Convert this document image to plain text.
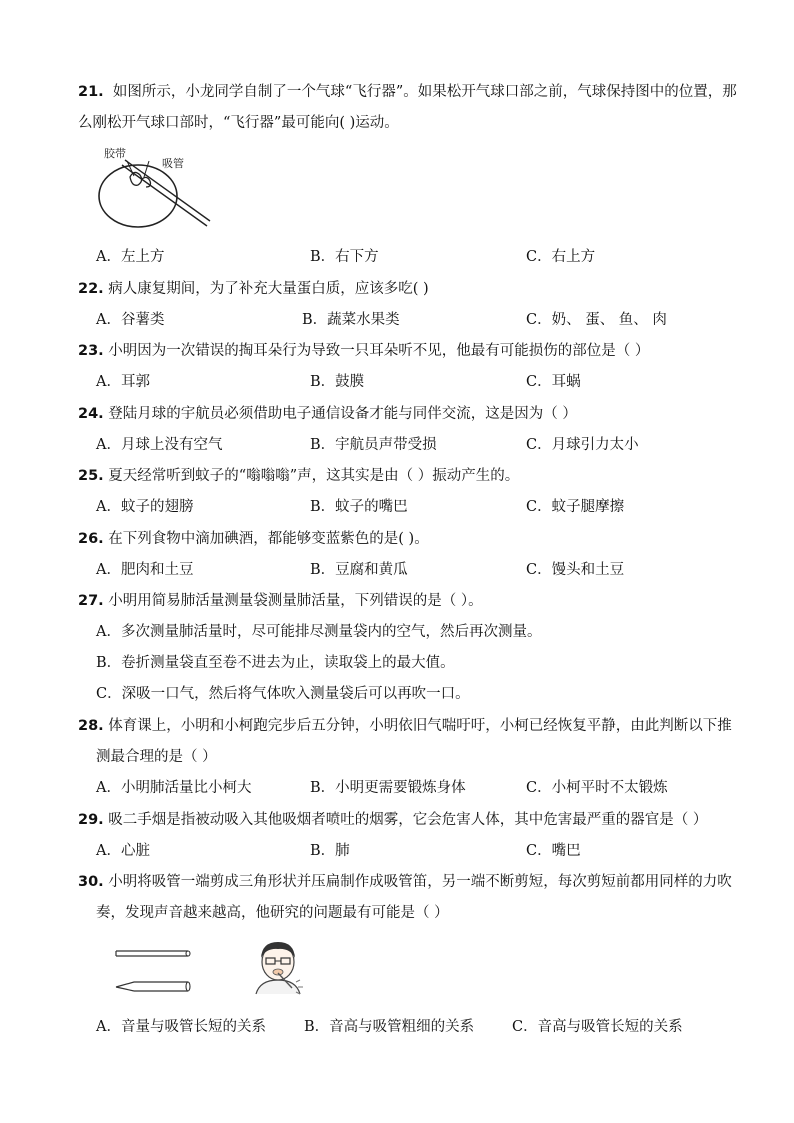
21. 如图所示，小龙同学自制了一个气球“飞行器”。如果松开气球口部之前，气球保持图中的位置，那
么刚松开气球口部时，“飞行器”最可能向( )运动。
胶带
吸管
A．左上方	B．右下方	C．右上方
22. 病人康复期间，为了补充大量蛋白质，应该多吃( )
A．谷薯类	B．蔬菜水果类	C．奶、 蛋、 鱼、 肉
23. 小明因为一次错误的掏耳朵行为导致一只耳朵听不见，他最有可能损伤的部位是（ ）
A．耳郭	B．鼓膜	C．耳蜗
24. 登陆月球的宇航员必须借助电子通信设备才能与同伴交流，这是因为（ ）
A．月球上没有空气	B．宇航员声带受损	C．月球引力太小
25. 夏天经常听到蚊子的“嗡嗡嗡”声，这其实是由（ ）振动产生的。
A．蚊子的翅膀	B．蚊子的嘴巴	C．蚊子腿摩擦
26. 在下列食物中滴加碘酒，都能够变蓝紫色的是( )。
A．肥肉和土豆	B．豆腐和黄瓜	C．馒头和土豆
27. 小明用简易肺活量测量袋测量肺活量，下列错误的是（ ）。
A．多次测量肺活量时，尽可能排尽测量袋内的空气，然后再次测量。
B．卷折测量袋直至卷不进去为止，读取袋上的最大值。
C．深吸一口气，然后将气体吹入测量袋后可以再吹一口。
28. 体育课上，小明和小柯跑完步后五分钟，小明依旧气喘吁吁，小柯已经恢复平静，由此判断以下推
测最合理的是（ ）
A．小明肺活量比小柯大	B．小明更需要锻炼身体	C．小柯平时不太锻炼
29. 吸二手烟是指被动吸入其他吸烟者喷吐的烟雾，它会危害人体，其中危害最严重的器官是（ ）
A．心脏	B．肺	C．嘴巴
30. 小明将吸管一端剪成三角形状并压扁制作成吸管笛，另一端不断剪短，每次剪短前都用同样的力吹
奏，发现声音越来越高，他研究的问题最有可能是（ ）
A．音量与吸管长短的关系	B．音高与吸管粗细的关系	C．音高与吸管长短的关系
